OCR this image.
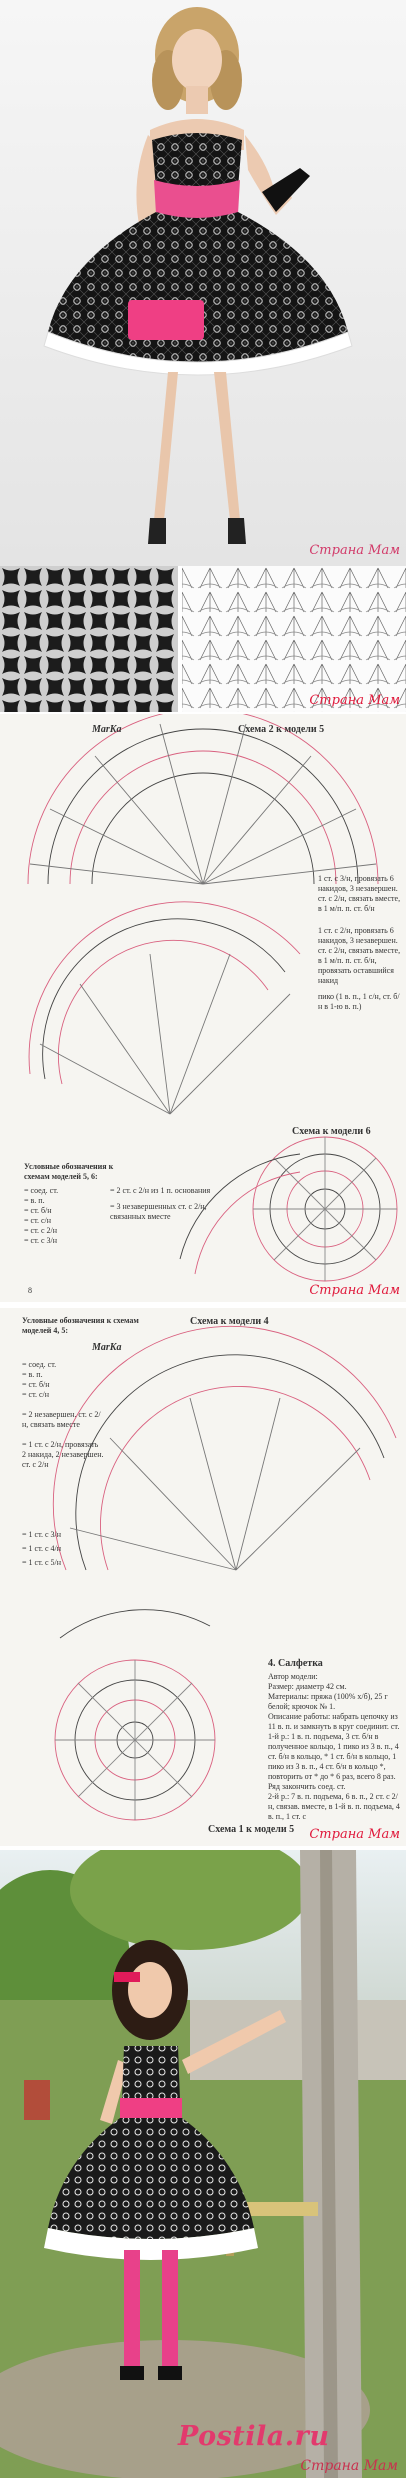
Страна Мам
Страна Мам
MarKa	Схема 2 к модели 5
1 ст. с 3/н, провязать 6 накидов, 3 незавершен. ст. с 2/н, связать вместе, в 1 м/п. п. ст. б/н
1 ст. с 2/н, провязать 6 накидов, 3 незавершен. ст. с 2/н, связать вместе, в 1 м/п. п. ст. б/н, провязать оставшийся накид
пико (1 в. п., 1 с/н, ст. б/н в 1-ю в. п.)
Схема к модели 6
Условные обозначения к схемам моделей 5, 6:
= соед. ст.
= в. п.
= ст. б/н
= ст. с/н
= ст. с 2/н
= ст. с 3/н
= 2 ст. с 2/н из 1 п. основания
= 3 незавершенных ст. с 2/н, связанных вместе
8	Страна Мам
Условные обозначения к схемам моделей 4, 5:
MarKa
Схема к модели 4
= соед. ст.
= в. п.
= ст. б/н
= ст. с/н
= 2 незавершен. ст. с 2/н, связать вместе
= 1 ст. с 2/н, провязать 2 накида, 2 незавершен. ст. с 2/н
= 1 ст. с 3/н
= 1 ст. с 4/н
= 1 ст. с 5/н
4. Салфетка
Автор модели:
Размер: диаметр 42 см.
Материалы: пряжа (100% х/б), 25 г белой; крючок № 1.
Описание работы: набрать цепочку из 11 в. п. и замкнуть в круг соединит. ст.
1-й р.: 1 в. п. подъема, 3 ст. б/н в полученное кольцо, 1 пико из 3 в. п., 4 ст. б/н в кольцо, * 1 ст. б/н в кольцо, 1 пико из 3 в. п., 4 ст. б/н в кольцо *, повторить от * до * 6 раз, всего 8 раз. Ряд закончить соед. ст.
2-й р.: 7 в. п. подъема, 6 в. п., 2 ст. с 2/н, связав. вместе, в 1-й в. п. подъема, 4 в. п., 1 ст. с
Схема 1 к модели 5 Страна Мам
Postila.ru
Страна Мам
